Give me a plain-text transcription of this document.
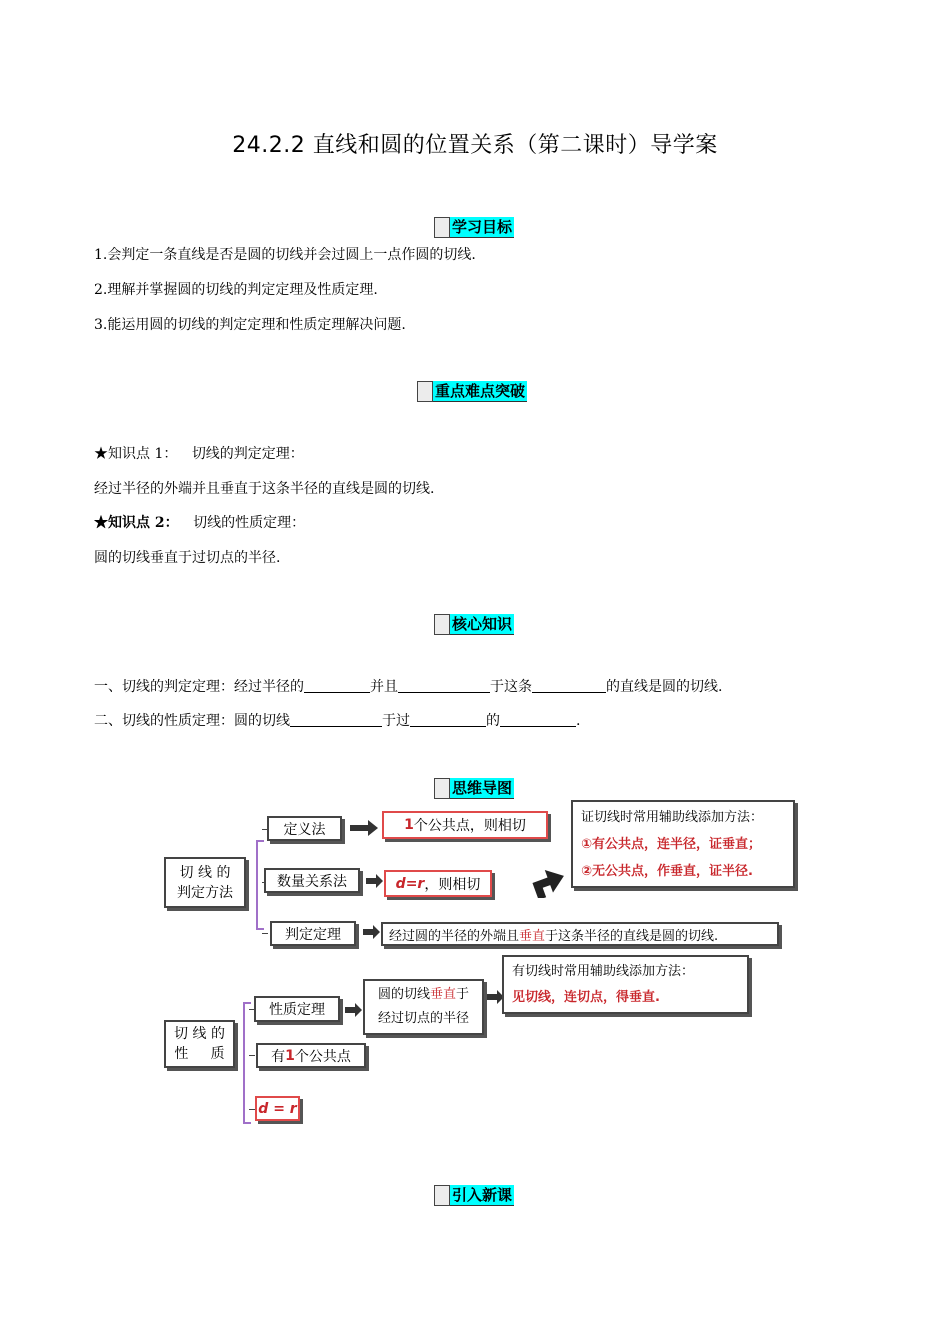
24.2.2 直线和圆的位置关系（第二课时）导学案
学习目标
1.会判定一条直线是否是圆的切线并会过圆上一点作圆的切线.
2.理解并掌握圆的切线的判定定理及性质定理.
3.能运用圆的切线的判定定理和性质定理解决问题.
重点难点突破
★知识点 1： 切线的判定定理：
经过半径的外端并且垂直于这条半径的直线是圆的切线.
★知识点 2： 切线的性质定理：
圆的切线垂直于过切点的半径.
核心知识
一、切线的判定定理：经过半径的	并且	于这条	的直线是圆的切线.
二、切线的性质定理：圆的切线	于过	的	.
思维导图
切 线 的
判定方法
定义法
数量关系法
判定定理
1 个公共点，则相切
d=r ，则相切
经过圆的半径的外端且 垂直 于这条半径的直线是圆的切线.
证切线时常用辅助线添加方法：
①有公共点，连半径，证垂直；
②无公共点，作垂直，证半径.
切 线 的
性     质
性质定理
圆的切线垂直于
经过切点的半径
有切线时常用辅助线添加方法：
见切线，连切点，得垂直.
有 1 个公共点
d = r
引入新课
